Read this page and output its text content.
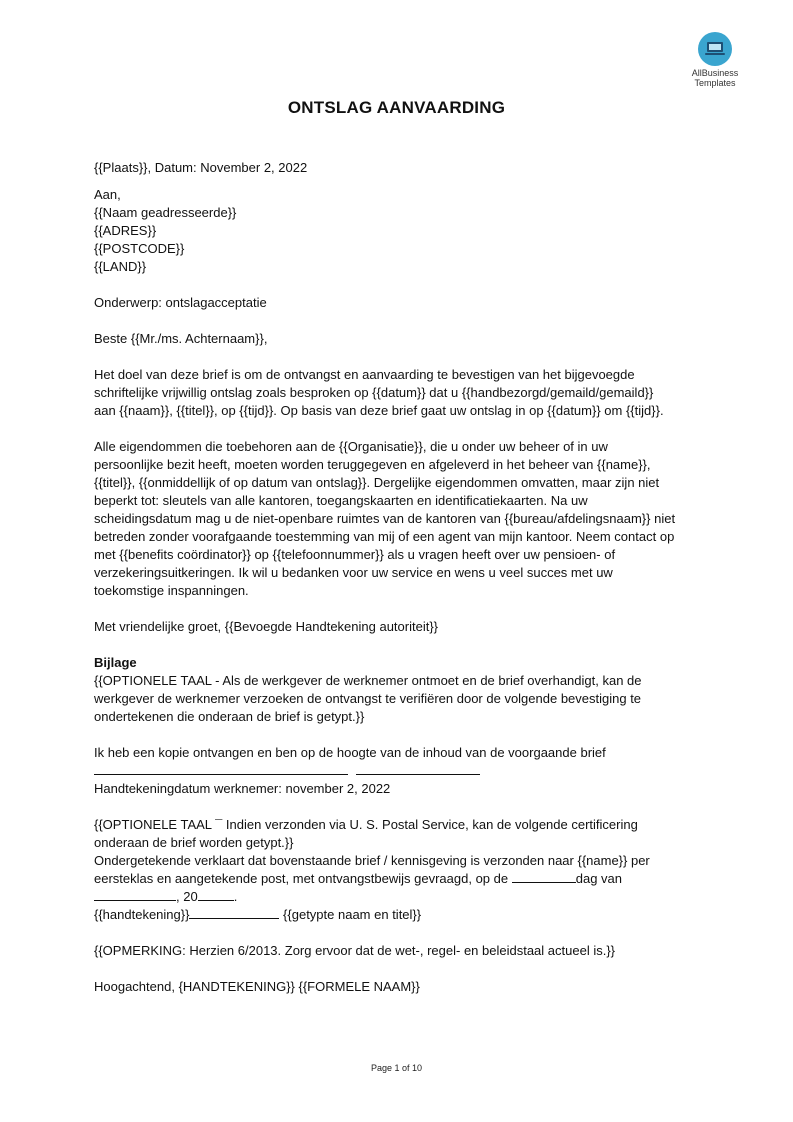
AllBusiness
Templates
ONTSLAG AANVAARDING

{{Plaats}}, Datum: November 2, 2022

Aan,

{{Naam geadresseerde}}

{{ADRES}}

{{POSTCODE}}

{{LAND}}

Onderwerp: ontslagacceptatie

Beste {{Mr./ms. Achternaam}},

Het doel van deze brief is om de ontvangst en aanvaarding te bevestigen van het bijgevoegde

schriftelijke vrijwillig ontslag zoals besproken op {{datum}} dat u {{handbezorgd/gemaild/gemaild}}

aan {{naam}}, {{titel}}, op {{tijd}}. Op basis van deze brief gaat uw ontslag in op {{datum}} om {{tijd}}.

Alle eigendommen die toebehoren aan de {{Organisatie}}, die u onder uw beheer of in uw

persoonlijke bezit heeft, moeten worden teruggegeven en afgeleverd in het beheer van {{name}},

{{titel}}, {{onmiddellijk of op datum van ontslag}}. Dergelijke eigendommen omvatten, maar zijn niet

beperkt tot: sleutels van alle kantoren, toegangskaarten en identificatiekaarten. Na uw

scheidingsdatum mag u de niet-openbare ruimtes van de kantoren van {{bureau/afdelingsnaam}} niet

betreden zonder voorafgaande toestemming van mij of een agent van mijn kantoor. Neem contact op

met {{benefits coördinator}} op {{telefoonnummer}} als u vragen heeft over uw pensioen- of

verzekeringsuitkeringen. Ik wil u bedanken voor uw service en wens u veel succes met uw

toekomstige inspanningen.

Met vriendelijke groet, {{Bevoegde Handtekening autoriteit}}

Bijlage

{{OPTIONELE TAAL - Als de werkgever de werknemer ontmoet en de brief overhandigt, kan de

werkgever de werknemer verzoeken de ontvangst te verifiëren door de volgende bevestiging te

ondertekenen die onderaan de brief is getypt.}}

Ik heb een kopie ontvangen en ben op de hoogte van de inhoud van de voorgaande brief

Handtekeningdatum werknemer: november 2, 2022

{{OPTIONELE TAAL ¯ Indien verzonden via U. S. Postal Service, kan de volgende certificering

onderaan de brief worden getypt.}}

Ondergetekende verklaart dat bovenstaande brief / kennisgeving is verzonden naar {{name}} per

eersteklas en aangetekende post, met ontvangstbewijs gevraagd, op de	dag van

, 20	.

{{handtekening}}	{{getypte naam en titel}}

{{OPMERKING: Herzien 6/2013. Zorg ervoor dat de wet-, regel- en beleidstaal actueel is.}}

Hoogachtend, {HANDTEKENING}} {{FORMELE NAAM}}

Page 1 of 10
